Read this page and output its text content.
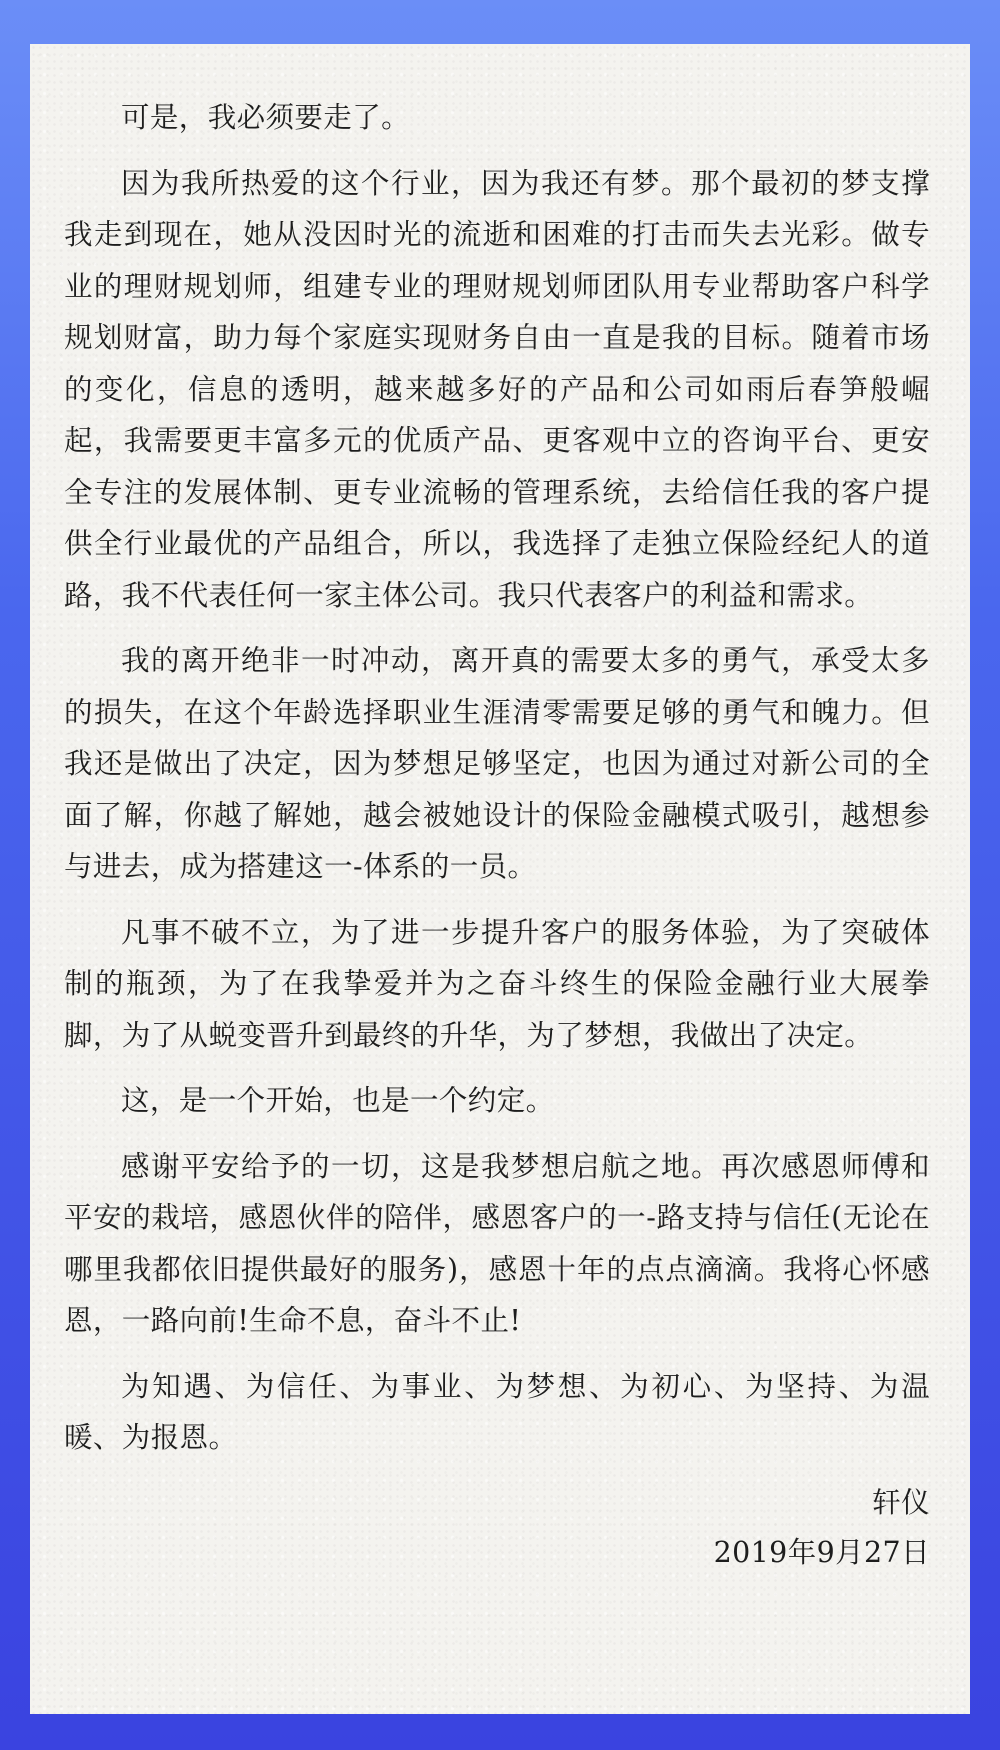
可是，我必须要走了。

因为我所热爱的这个行业，因为我还有梦。那个最初的梦支撑我走到现在，她从没因时光的流逝和困难的打击而失去光彩。做专业的理财规划师，组建专业的理财规划师团队用专业帮助客户科学规划财富，助力每个家庭实现财务自由一直是我的目标。随着市场的变化，信息的透明，越来越多好的产品和公司如雨后春笋般崛起，我需要更丰富多元的优质产品、更客观中立的咨询平台、更安全专注的发展体制、更专业流畅的管理系统，去给信任我的客户提供全行业最优的产品组合，所以，我选择了走独立保险经纪人的道路，我不代表任何一家主体公司。我只代表客户的利益和需求。

我的离开绝非一时冲动，离开真的需要太多的勇气，承受太多的损失，在这个年龄选择职业生涯清零需要足够的勇气和魄力。但我还是做出了决定，因为梦想足够坚定，也因为通过对新公司的全面了解，你越了解她，越会被她设计的保险金融模式吸引，越想参与进去，成为搭建这一-体系的一员。

凡事不破不立，为了进一步提升客户的服务体验，为了突破体制的瓶颈，为了在我挚爱并为之奋斗终生的保险金融行业大展拳脚，为了从蜕变晋升到最终的升华，为了梦想，我做出了决定。

这，是一个开始，也是一个约定。

感谢平安给予的一切，这是我梦想启航之地。再次感恩师傅和平安的栽培，感恩伙伴的陪伴，感恩客户的一-路支持与信任(无论在哪里我都依旧提供最好的服务)，感恩十年的点点滴滴。我将心怀感恩，一路向前!生命不息，奋斗不止!

为知遇、为信任、为事业、为梦想、为初心、为坚持、为温暖、为报恩。

轩仪
2019年9月27日
